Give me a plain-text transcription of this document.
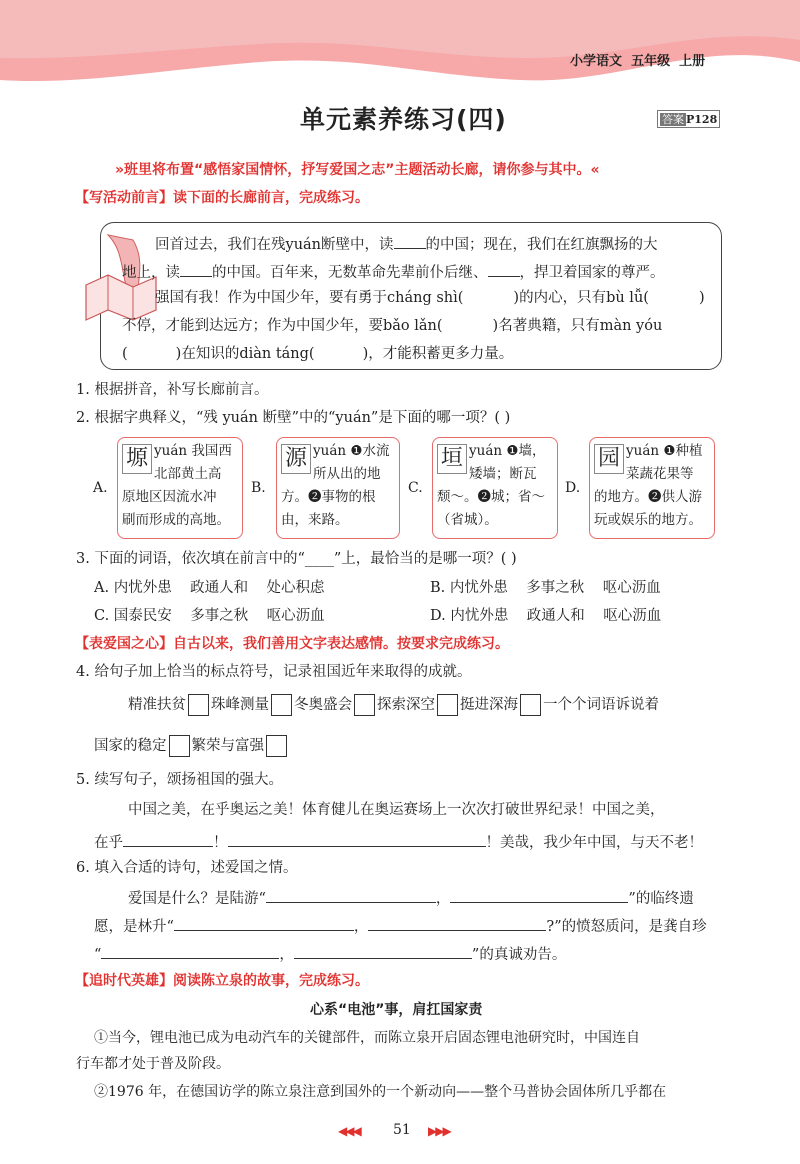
小学语文 五年级 上册
单元素养练习(四)	答案 P128
»班里将布置“感悟家国情怀，抒写爱国之志”主题活动长廊，请你参与其中。«
【写活动前言】读下面的长廊前言，完成练习。
回首过去，我们在残yuán断壁中，读 的中国；现在，我们在红旗飘扬的大
地上，读 的中国。百年来，无数革命先辈前仆后继、 ，捍卫着国家的尊严。
强国有我！作为中国少年，要有勇于cháng shì(	)的内心，只有bù lǚ(	)
不停，才能到达远方；作为中国少年，要bǎo lǎn(	)名著典籍，只有màn yóu
(	)在知识的diàn táng(	)，才能积蓄更多力量。
1. 根据拼音，补写长廊前言。
2. 根据字典释义，“残 yuán 断壁”中的“yuán”是下面的哪一项？( )
A.
塬 yuán 我国西
北部黄土高
原地区因流水冲
刷而形成的高地。
B.
源 yuán ❶水流
所从出的地
方。❷事物的根
由，来路。
C.
垣 yuán ❶墙，
矮墙；断瓦
颓～。❷城；省～
（省城）。
D.
园 yuán ❶种植
菜蔬花果等
的地方。❷供人游
玩或娱乐的地方。
3. 下面的词语，依次填在前言中的“____”上，最恰当的是哪一项？( )
A. 内忧外患    政通人和    处心积虑	B. 内忧外患    多事之秋    呕心沥血
C. 国泰民安    多事之秋    呕心沥血	D. 内忧外患    政通人和    呕心沥血
【表爱国之心】自古以来，我们善用文字表达感情。按要求完成练习。
4. 给句子加上恰当的标点符号，记录祖国近年来取得的成就。
精准扶贫 珠峰测量 冬奥盛会 探索深空 挺进深海 一个个词语诉说着
国家的稳定 繁荣与富强
5. 续写句子，颂扬祖国的强大。
中国之美，在乎奥运之美！体育健儿在奥运赛场上一次次打破世界纪录！中国之美，
在乎	！	！美哉，我少年中国，与天不老！
6. 填入合适的诗句，述爱国之情。
爱国是什么？是陆游“	，	”的临终遗
愿，是林升“	，	?”的愤怒质问，是龚自珍
“	，	”的真诚劝告。
【追时代英雄】阅读陈立泉的故事，完成练习。
心系“电池”事，肩扛国家责
①当今，锂电池已成为电动汽车的关键部件，而陈立泉开启固态锂电池研究时，中国连自
行车都才处于普及阶段。
②1976 年，在德国访学的陈立泉注意到国外的一个新动向——整个马普协会固体所几乎都在
◀◀◀ 51 ▶▶▶
